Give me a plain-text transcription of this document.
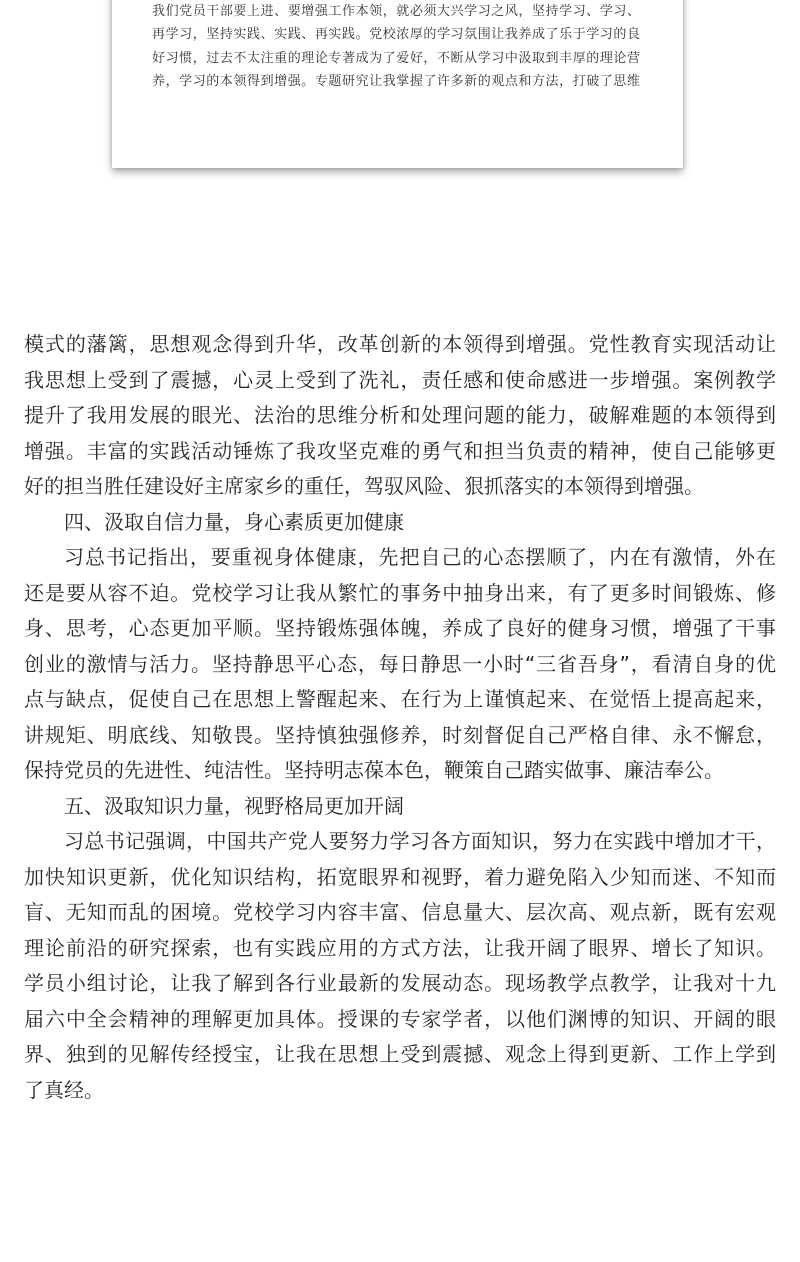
我们党员干部要上进、要增强工作本领，就必须大兴学习之风，坚持学习、学习、
再学习，坚持实践、实践、再实践。党校浓厚的学习氛围让我养成了乐于学习的良
好习惯，过去不太注重的理论专著成为了爱好，不断从学习中汲取到丰厚的理论营
养，学习的本领得到增强。专题研究让我掌握了许多新的观点和方法，打破了思维
模式的藩篱，思想观念得到升华，改革创新的本领得到增强。党性教育实现活动让
我思想上受到了震撼，心灵上受到了洗礼，责任感和使命感进一步增强。案例教学
提升了我用发展的眼光、法治的思维分析和处理问题的能力，破解难题的本领得到
增强。丰富的实践活动锤炼了我攻坚克难的勇气和担当负责的精神，使自己能够更
好的担当胜任建设好主席家乡的重任，驾驭风险、狠抓落实的本领得到增强。
四、汲取自信力量，身心素质更加健康
习总书记指出，要重视身体健康，先把自己的心态摆顺了，内在有激情，外在
还是要从容不迫。党校学习让我从繁忙的事务中抽身出来，有了更多时间锻炼、修
身、思考，心态更加平顺。坚持锻炼强体魄，养成了良好的健身习惯，增强了干事
创业的激情与活力。坚持静思平心态，每日静思一小时“三省吾身”，看清自身的优
点与缺点，促使自己在思想上警醒起来、在行为上谨慎起来、在觉悟上提高起来，
讲规矩、明底线、知敬畏。坚持慎独强修养，时刻督促自己严格自律、永不懈怠，
保持党员的先进性、纯洁性。坚持明志葆本色，鞭策自己踏实做事、廉洁奉公。
五、汲取知识力量，视野格局更加开阔
习总书记强调，中国共产党人要努力学习各方面知识，努力在实践中增加才干，
加快知识更新，优化知识结构，拓宽眼界和视野，着力避免陷入少知而迷、不知而
盲、无知而乱的困境。党校学习内容丰富、信息量大、层次高、观点新，既有宏观
理论前沿的研究探索，也有实践应用的方式方法，让我开阔了眼界、增长了知识。
学员小组讨论，让我了解到各行业最新的发展动态。现场教学点教学，让我对十九
届六中全会精神的理解更加具体。授课的专家学者，以他们渊博的知识、开阔的眼
界、独到的见解传经授宝，让我在思想上受到震撼、观念上得到更新、工作上学到
了真经。
